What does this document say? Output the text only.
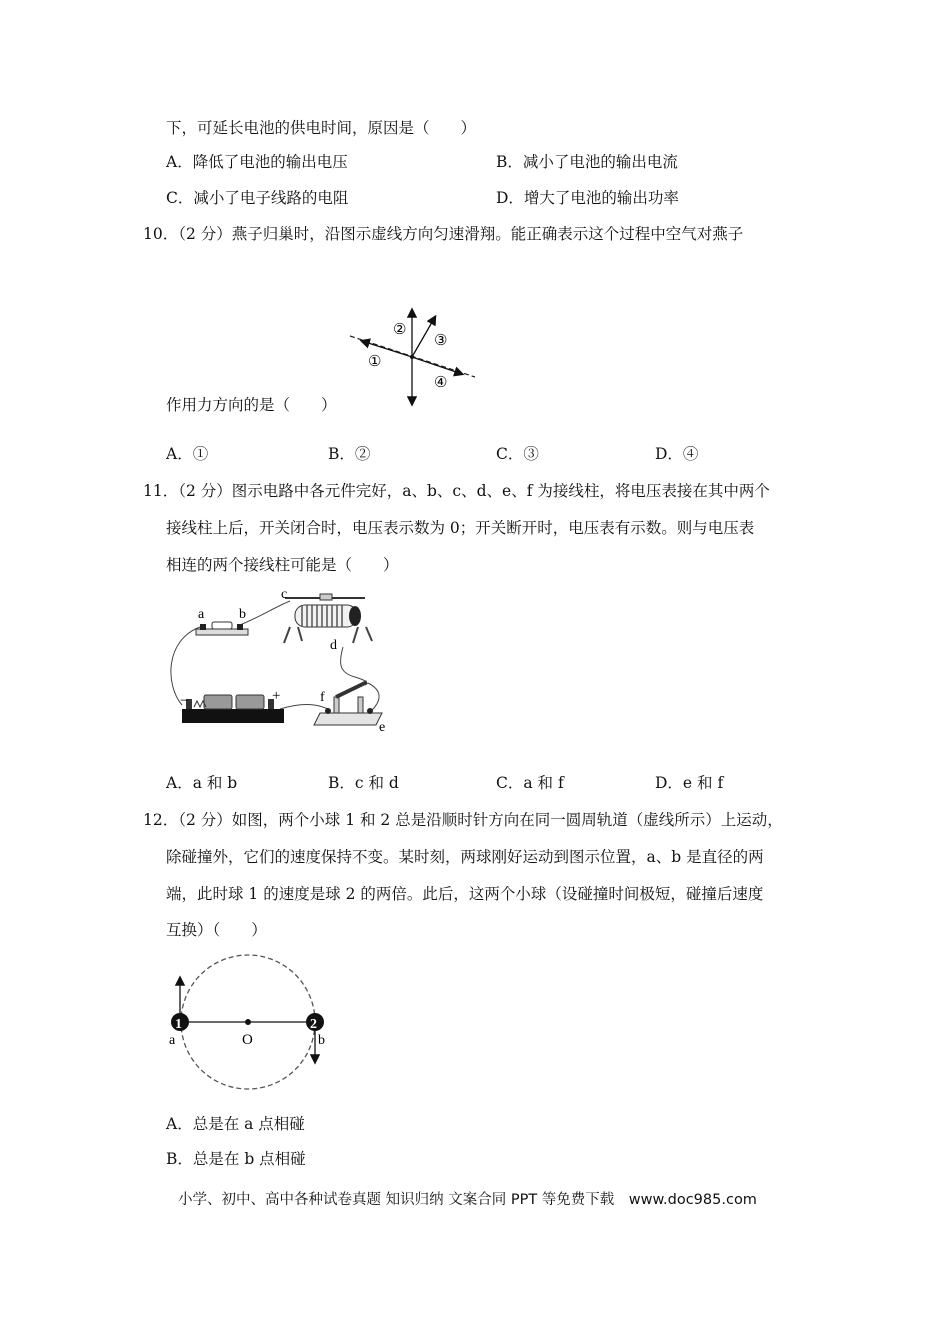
下，可延长电池的供电时间，原因是（　　）
A．降低了电池的输出电压	B．减小了电池的输出电流
C．减小了电子线路的电阻	D．增大了电池的输出功率
10．（2 分）燕子归巢时，沿图示虚线方向匀速滑翔。能正确表示这个过程中空气对燕子
①
②
③
④
作用力方向的是（　　）
A．①	B．②	C．③	D．④
11．（2 分）图示电路中各元件完好，a、b、c、d、e、f 为接线柱，将电压表接在其中两个
接线柱上后，开关闭合时，电压表示数为 0；开关断开时，电压表有示数。则与电压表
相连的两个接线柱可能是（　　）
a b
c
d
e
f
−	+
A．a 和 b	B．c 和 d	C．a 和 f	D．e 和 f
12．（2 分）如图，两个小球 1 和 2 总是沿顺时针方向在同一圆周轨道（虚线所示）上运动，
除碰撞外，它们的速度保持不变。某时刻，两球刚好运动到图示位置，a、b 是直径的两
端，此时球 1 的速度是球 2 的两倍。此后，这两个小球（设碰撞时间极短，碰撞后速度
互换）（　　）
1	2
a	b
O
A．总是在 a 点相碰
B．总是在 b 点相碰
小学、初中、高中各种试卷真题 知识归纳 文案合同 PPT 等免费下载　www.doc985.com
